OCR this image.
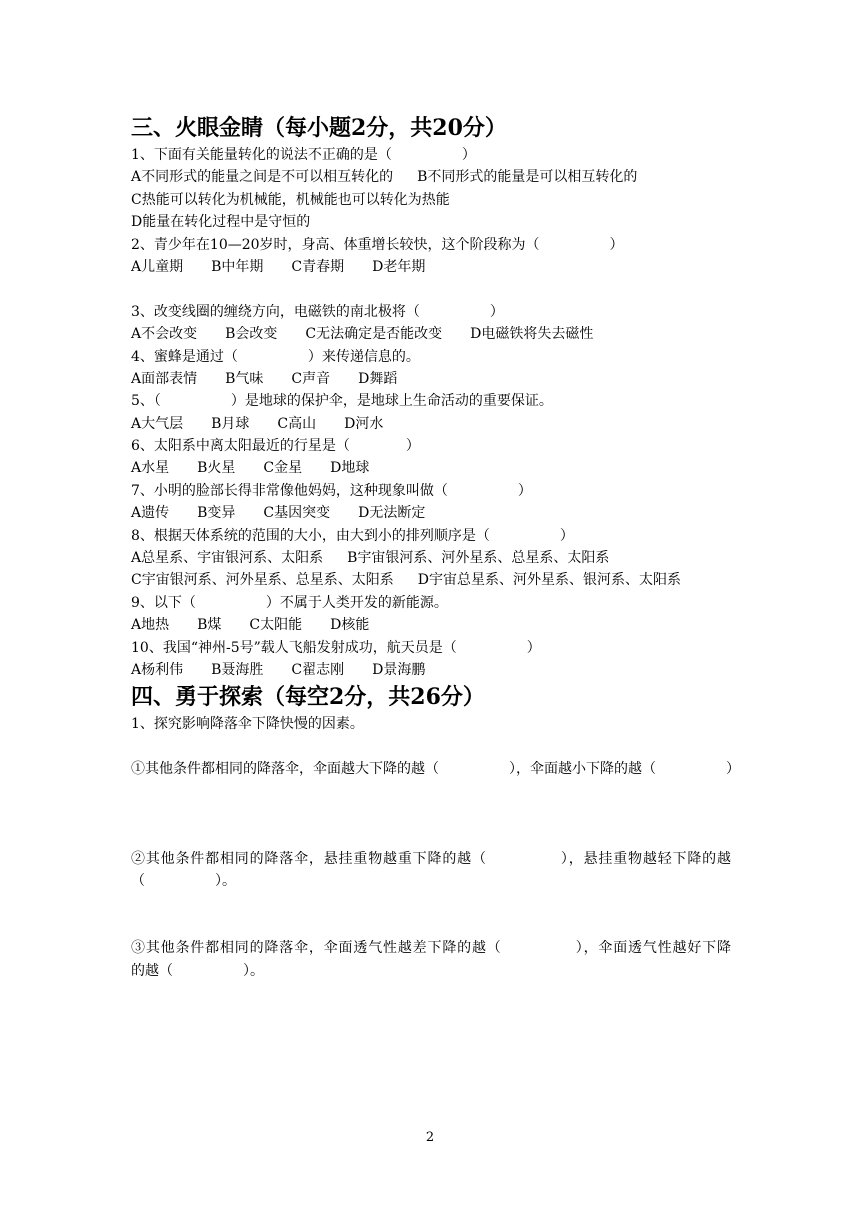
三、火眼金睛（每小题2分，共20分）
1、下面有关能量转化的说法不正确的是（　　　　　）
A不同形式的能量之间是不可以相互转化的 B不同形式的能量是可以相互转化的
C热能可以转化为机械能，机械能也可以转化为热能
D能量在转化过程中是守恒的
2、青少年在10—20岁时，身高、体重增长较快，这个阶段称为（　　　　　）
A儿童期 B中年期 C青春期 D老年期
3、改变线圈的缠绕方向，电磁铁的南北极将（　　　　　）
A不会改变 B会改变 C无法确定是否能改变 D电磁铁将失去磁性
4、蜜蜂是通过（　　　　　）来传递信息的。
A面部表情 B气味 C声音 D舞蹈
5、（　　　　　）是地球的保护伞，是地球上生命活动的重要保证。
A大气层 B月球 C高山 D河水
6、太阳系中离太阳最近的行星是（　　　　）
A水星 B火星 C金星 D地球
7、小明的脸部长得非常像他妈妈，这种现象叫做（　　　　　）
A遗传 B变异 C基因突变 D无法断定
8、根据天体系统的范围的大小，由大到小的排列顺序是（　　　　　）
A总星系、宇宙银河系、太阳系 B宇宙银河系、河外星系、总星系、太阳系
C宇宙银河系、河外星系、总星系、太阳系 D宇宙总星系、河外星系、银河系、太阳系
9、以下（　　　　　）不属于人类开发的新能源。
A地热 B煤 C太阳能 D核能
10、我国“神州-5号”载人飞船发射成功，航天员是（　　　　　）
A杨利伟 B聂海胜 C翟志刚 D景海鹏
四、勇于探索（每空2分，共26分）
1、探究影响降落伞下降快慢的因素。
①其他条件都相同的降落伞，伞面越大下降的越（　　　　　），伞面越小下降的越（　　　　　）
②其他条件都相同的降落伞，悬挂重物越重下降的越（　　　　　），悬挂重物越轻下降的越
（　　　　　）。
③其他条件都相同的降落伞，伞面透气性越差下降的越（　　　　　），伞面透气性越好下降
的越（　　　　　）。
2
